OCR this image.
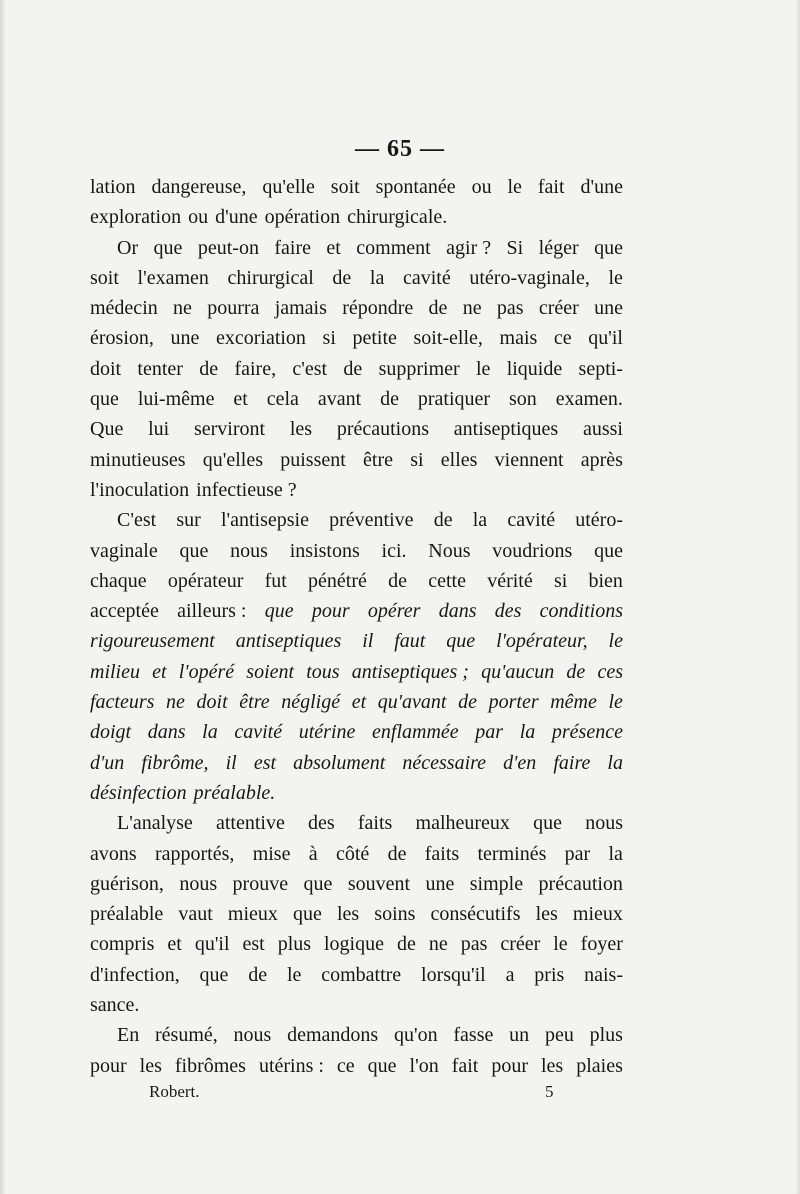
— 65 —
lation dangereuse, qu'elle soit spontanée ou le fait d'une
exploration ou d'une opération chirurgicale.
Or que peut-on faire et comment agir ? Si léger que
soit l'examen chirurgical de la cavité utéro-vaginale, le
médecin ne pourra jamais répondre de ne pas créer une
érosion, une excoriation si petite soit-elle, mais ce qu'il
doit tenter de faire, c'est de supprimer le liquide septi-
que lui-même et cela avant de pratiquer son examen.
Que lui serviront les précautions antiseptiques aussi
minutieuses qu'elles puissent être si elles viennent après
l'inoculation infectieuse ?
C'est sur l'antisepsie préventive de la cavité utéro-
vaginale que nous insistons ici. Nous voudrions que
chaque opérateur fut pénétré de cette vérité si bien
acceptée ailleurs : que pour opérer dans des conditions
rigoureusement antiseptiques il faut que l'opérateur, le
milieu et l'opéré soient tous antiseptiques ; qu'aucun de ces
facteurs ne doit être négligé et qu'avant de porter même le
doigt dans la cavité utérine enflammée par la présence
d'un fibrôme, il est absolument nécessaire d'en faire la
désinfection préalable.
L'analyse attentive des faits malheureux que nous
avons rapportés, mise à côté de faits terminés par la
guérison, nous prouve que souvent une simple précaution
préalable vaut mieux que les soins consécutifs les mieux
compris et qu'il est plus logique de ne pas créer le foyer
d'infection, que de le combattre lorsqu'il a pris nais-
sance.
En résumé, nous demandons qu'on fasse un peu plus
pour les fibrômes utérins : ce que l'on fait pour les plaies
Robert.	5
